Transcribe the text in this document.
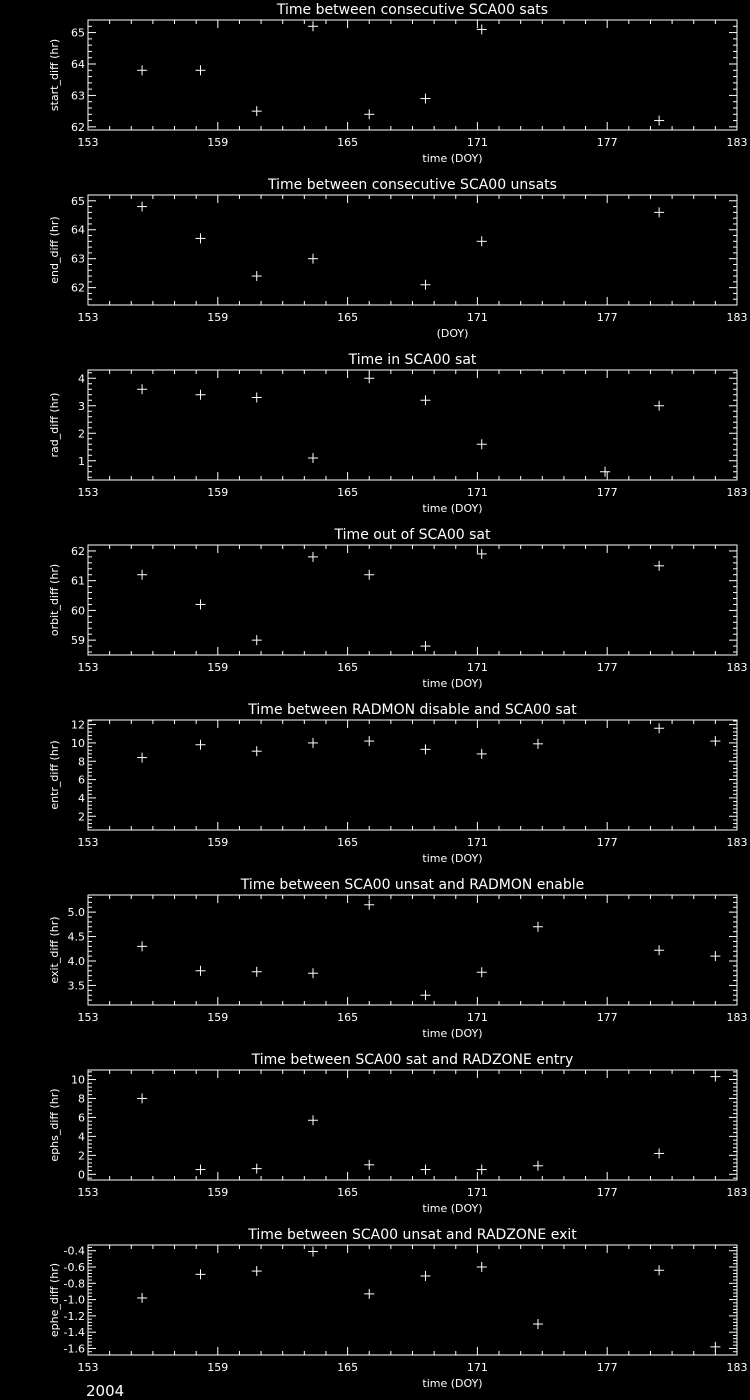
Time between consecutive SCA00 sats
153	159	165	171	177	183
62
63
64
65
time (DOY)
start_diff (hr)
Time between consecutive SCA00 unsats
153	159	165	171	177	183
62
63
64
65
(DOY)
end_diff (hr)
Time in SCA00 sat
153	159	165	171	177	183
1
2
3
4
time (DOY)
rad_diff (hr)
Time out of SCA00 sat
153	159	165	171	177	183
59
60
61
62
time (DOY)
orbit_diff (hr)
Time between RADMON disable and SCA00 sat
153	159	165	171	177	183
2
4
6
8
10
12
time (DOY)
entr_diff (hr)
Time between SCA00 unsat and RADMON enable
153	159	165	171	177	183
3.5
4.0
4.5
5.0
time (DOY)
exit_diff (hr)
Time between SCA00 sat and RADZONE entry
153	159	165	171	177	183
0
2
4
6
8
10
time (DOY)
ephs_diff (hr)
Time between SCA00 unsat and RADZONE exit
153	159	165	171	177	183
-1.6
-1.4
-1.2
-1.0
-0.8
-0.6
-0.4
time (DOY)
ephe_diff (hr)
2004
